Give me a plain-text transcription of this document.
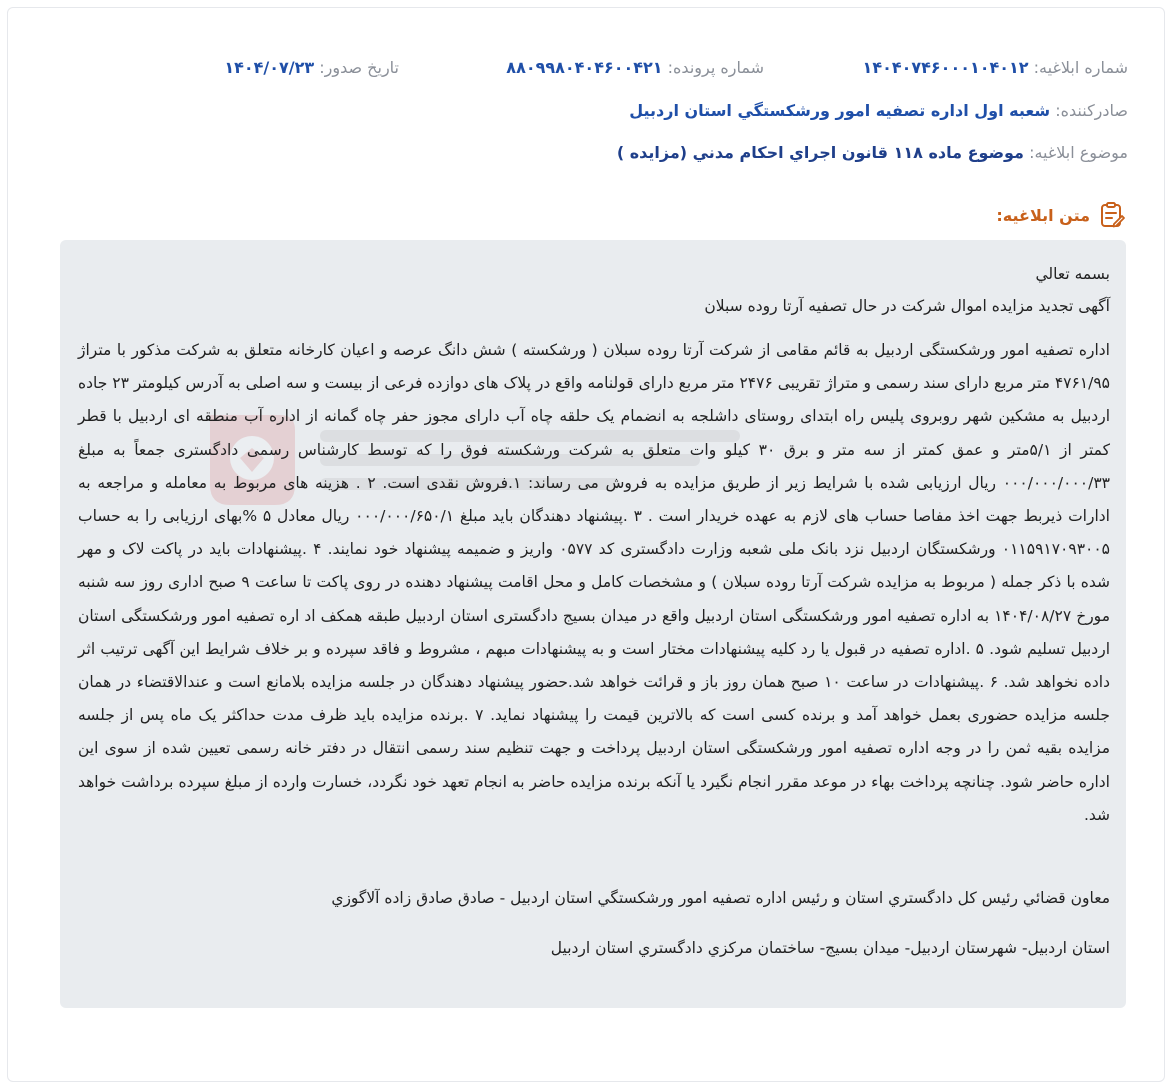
شماره ابلاغيه: ۱۴۰۴۰۷۴۶۰۰۰۱۰۴۰۱۲
شماره پرونده: ۸۸۰۹۹۸۰۴۰۴۶۰۰۴۲۱
تاريخ صدور: ۱۴۰۴/۰۷/۲۳
صادرکننده: شعبه اول اداره تصفيه امور ورشكستگي استان اردبيل
موضوع ابلاغيه: موضوع ماده ۱۱۸ قانون اجراي احكام مدني (مزايده )
متن ابلاغيه:

بسمه تعالي

آگهی تجدید مزایده اموال شرکت در حال تصفیه آرتا روده سبلان

اداره تصفیه امور ورشکستگی اردبیل به قائم مقامی از شرکت آرتا روده سبلان ( ورشکسته ) شش دانگ عرصه و اعیان کارخانه متعلق به شرکت مذکور با متراژ ۴۷۶۱/۹۵ متر مربع دارای سند رسمی و متراژ تقریبی ۲۴۷۶ متر مربع دارای قولنامه واقع در پلاک های دوازده فرعی از بیست و سه اصلی به آدرس کیلومتر ۲۳ جاده اردبیل به مشکین شهر روبروی پلیس راه ابتدای روستای داشلجه به انضمام یک حلقه چاه آب دارای مجوز حفر چاه گمانه از اداره آب منطقه ای اردبیل با قطر کمتر از ۵/۱متر و عمق کمتر از سه متر و برق ۳۰ کیلو وات متعلق به شرکت ورشکسته فوق را که توسط کارشناس رسمی دادگستری جمعاً به مبلغ ۰۰۰/۰۰۰/۰۰۰/۳۳ ریال ارزیابی شده با شرایط زیر از طریق مزایده به فروش می رساند: ۱.فروش نقدی است. ۲ . هزینه های مربوط به معامله و مراجعه به ادارات ذیربط جهت اخذ مفاصا حساب های لازم به عهده خریدار است . ۳ .پیشنهاد دهندگان باید مبلغ ۰۰۰/۰۰۰/۶۵۰/۱ ریال معادل ۵ %بهای ارزیابی را به حساب ۰۱۱۵۹۱۷۰۹۳۰۰۵ ورشکستگان اردبیل نزد بانک ملی شعبه وزارت دادگستری کد ۰۵۷۷ واریز و ضمیمه پیشنهاد خود نمایند. ۴ .پیشنهادات باید در پاکت لاک و مهر شده با ذکر جمله ( مربوط به مزایده شرکت آرتا روده سبلان ) و مشخصات کامل و محل اقامت پیشنهاد دهنده در روی پاکت تا ساعت ۹ صبح اداری روز سه شنبه مورخ ۱۴۰۴/۰۸/۲۷ به اداره تصفیه امور ورشکستگی استان اردبیل واقع در میدان بسیج دادگستری استان اردبیل طبقه همکف اد اره تصفیه امور ورشکستگی استان اردبیل تسلیم شود. ۵ .اداره تصفیه در قبول یا رد کلیه پیشنهادات مختار است و به پیشنهادات مبهم ، مشروط و فاقد سپرده و بر خلاف شرایط این آگهی ترتیب اثر داده نخواهد شد. ۶ .پیشنهادات در ساعت ۱۰ صبح همان روز باز و قرائت خواهد شد.حضور پیشنهاد دهندگان در جلسه مزایده بلامانع است و عندالاقتضاء در همان جلسه مزایده حضوری بعمل خواهد آمد و برنده کسی است که بالاترین قیمت را پیشنهاد نماید. ۷ .برنده مزایده باید ظرف مدت حداکثر یک ماه پس از جلسه مزایده بقیه ثمن را در وجه اداره تصفیه امور ورشکستگی استان اردبیل پرداخت و جهت تنظیم سند رسمی انتقال در دفتر خانه رسمی تعیین شده از سوی این اداره حاضر شود. چنانچه پرداخت بهاء در موعد مقرر انجام نگیرد یا آنکه برنده مزایده حاضر به انجام تعهد خود نگردد، خسارت وارده از مبلغ سپرده برداشت خواهد شد.

معاون قضائي رئيس كل دادگستري استان و رئيس اداره تصفيه امور ورشكستگي استان اردبيل - صادق صادق زاده آلاگوزي

استان اردبيل- شهرستان اردبيل- ميدان بسيج- ساختمان مركزي دادگستري استان اردبيل
